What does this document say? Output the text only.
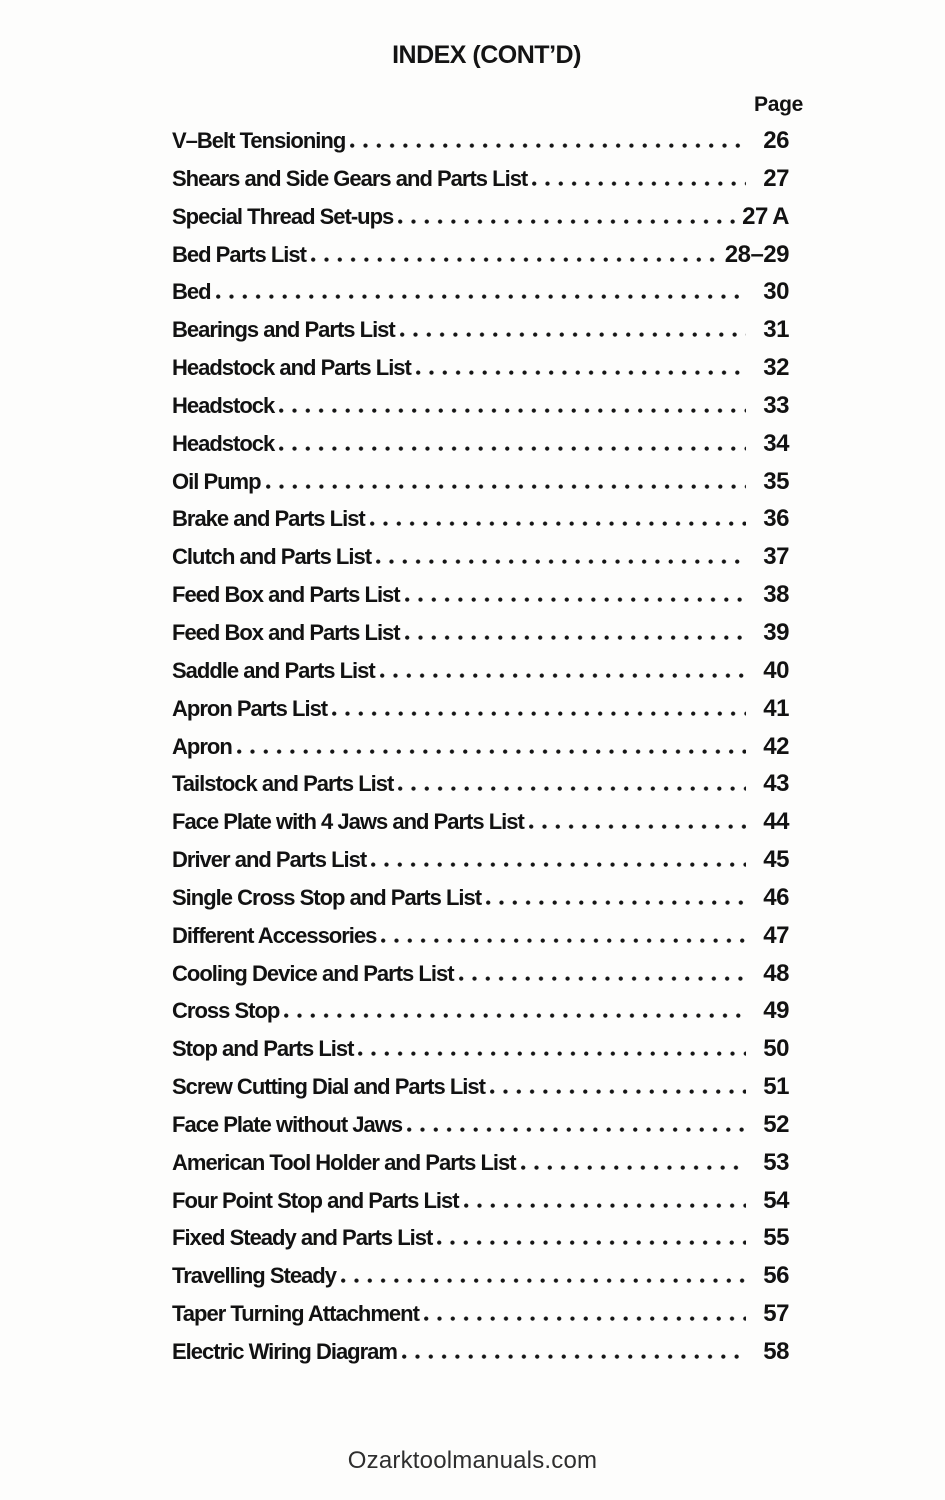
INDEX (CONT’D)
Page
V–Belt Tensioning	26
Shears and Side Gears and Parts List	27
Special Thread Set-ups	27 A
Bed Parts List	28–29
Bed	30
Bearings and Parts List	31
Headstock and Parts List	32
Headstock	33
Headstock	34
Oil Pump	35
Brake and Parts List	36
Clutch and Parts List	37
Feed Box and Parts List	38
Feed Box and Parts List	39
Saddle and Parts List	40
Apron Parts List	41
Apron	42
Tailstock and Parts List	43
Face Plate with 4 Jaws and Parts List	44
Driver and Parts List	45
Single Cross Stop and Parts List	46
Different Accessories	47
Cooling Device and Parts List	48
Cross Stop	49
Stop and Parts List	50
Screw Cutting Dial and Parts List	51
Face Plate without Jaws	52
American Tool Holder and Parts List	53
Four Point Stop and Parts List	54
Fixed Steady and Parts List	55
Travelling Steady	56
Taper Turning Attachment	57
Electric Wiring Diagram	58
Ozarktoolmanuals.com
